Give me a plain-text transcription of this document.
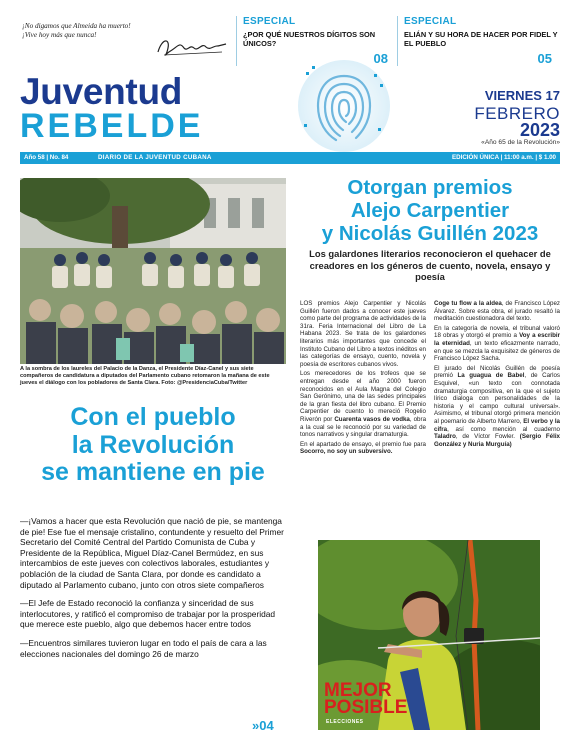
¡No digamos que Almeida ha muerto!
¡Vive hoy más que nunca!
ESPECIAL
¿POR QUÉ NUESTROS DÍGITOS SON ÚNICOS?
08
ESPECIAL
ELIÁN Y SU HORA DE HACER POR FIDEL Y EL PUEBLO
05
Juventud
REBELDE
VIERNES 17
FEBRERO
2023
«Año 65 de la Revolución»
Año 58 | No. 84	DIARIO DE LA JUVENTUD CUBANA	EDICIÓN ÚNICA | 11:00 a.m. | $ 1.00
A la sombra de los laureles del Palacio de la Danza, el Presidente Díaz-Canel y sus siete compañeros de candidatura a diputados del Parlamento cubano retomaron la mañana de este jueves el diálogo con los pobladores de Santa Clara. Foto: @PresidenciaCuba/Twitter
Con el pueblo
la Revolución
se mantiene en pie

—¡Vamos a hacer que esta Revolución que nació de pie, se mantenga de pie! Ese fue el mensaje cristalino, contundente y resuelto del Primer Secretario del Comité Central del Partido Comunista de Cuba y Presidente de la República, Miguel Díaz-Canel Bermúdez, en sus intercambios de este jueves con colectivos laborales, estudiantes y población de la ciudad de Santa Clara, por donde es candidato a diputado al Parlamento cubano, junto con otros siete compañeros

—El Jefe de Estado reconoció la confianza y sinceridad de sus interlocutores, y ratificó el compromiso de trabajar por la prosperidad que merece este pueblo, algo que debemos hacer entre todos

—Encuentros similares tuvieron lugar en todo el país de cara a las elecciones nacionales del domingo 26 de marzo

»04
Otorgan premios
Alejo Carpentier
y Nicolás Guillén 2023
Los galardones literarios reconocieron el quehacer de creadores en los géneros de cuento, novela, ensayo y poesía

LOS premios Alejo Carpentier y Nicolás Guillén fueron dados a conocer este jueves como parte del programa de actividades de la 31ra. Feria Internacional del Libro de La Habana 2023. Se trata de los galardones literarios más importantes que concede el Instituto Cubano del Libro a textos inéditos en las categorías de ensayo, cuento, novela y poesía de escritores cubanos vivos.

Los merecedores de los trofeos que se entregan desde el año 2000 fueron reconocidos en el Aula Magna del Colegio San Gerónimo, una de las sedes principales de la gran fiesta del libro cubano. El Premio Carpentier de cuento lo mereció Rogelio Riverón por Cuarenta vasos de vodka, obra a la cual se le reconoció por su variedad de tonos narrativos y singular dramaturgia.

En el apartado de ensayo, el premio fue para Socorro, no soy un subversivo.

Coge tu flow a la aldea, de Francisco López Álvarez. Sobre esta obra, el jurado resaltó la meditación cuestionadora del texto.

En la categoría de novela, el tribunal valoró 18 obras y otorgó el premio a Voy a escribir la eternidad, un texto eficazmente narrado, en que se mezcla la exquisitez de géneros de Francisco López Sacha.

El jurado del Nicolás Guillén de poesía premió La guagua de Babel, de Carlos Esquivel, «un texto con connotada dramaturgia compositiva, en la que el sujeto lírico dialoga con personalidades de la historia y el campo cultural universal». Asimismo, el tribunal otorgó primera mención al poemario de Alberto Marrero, El verbo y la cifra, así como mención al cuaderno Taladro, de Víctor Fowler. (Sergio Félix González y Nuria Murguía)

MEJOR
POSIBLE
ELECCIONES
